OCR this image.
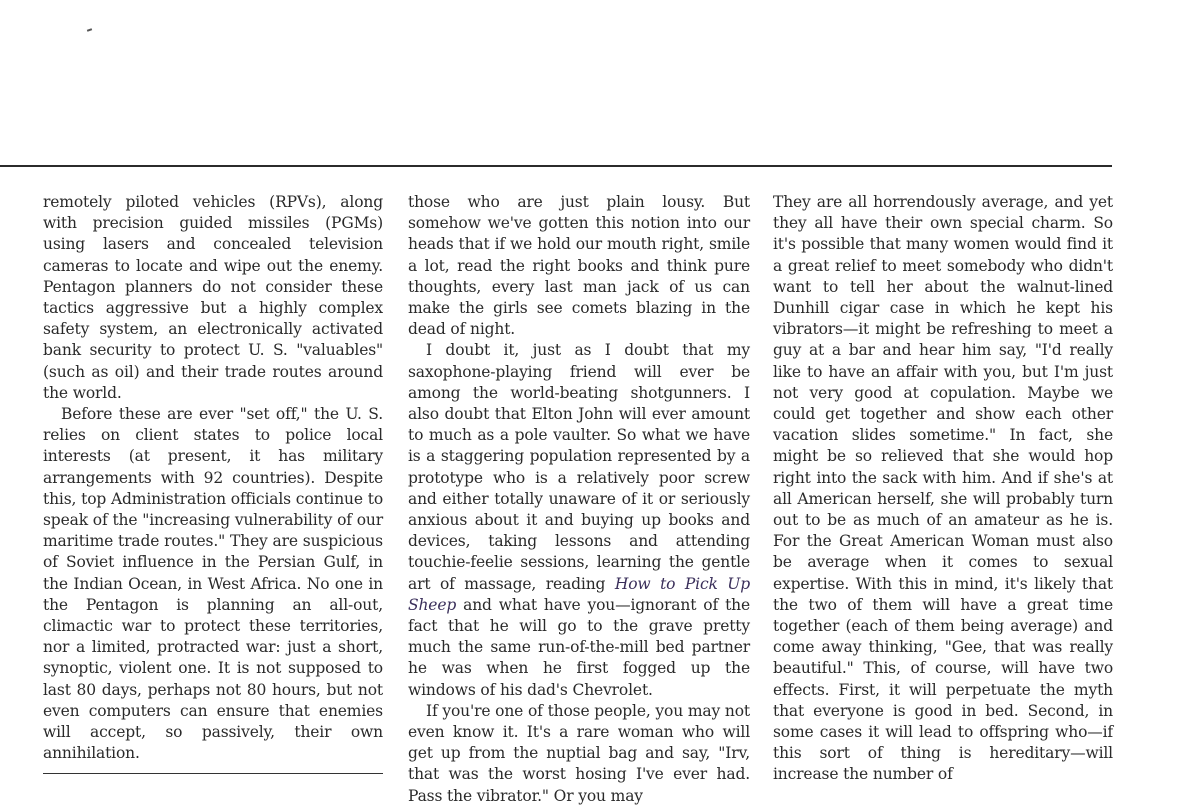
remotely piloted vehicles (RPVs), along with precision guided missiles (PGMs) using lasers and concealed television cameras to locate and wipe out the enemy. Pentagon planners do not consider these tactics aggressive but a highly complex safety system, an electronically activated bank security to protect U. S. "valuables" (such as oil) and their trade routes around the world.

Before these are ever "set off," the U. S. relies on client states to police local interests (at present, it has military arrangements with 92 countries). Despite this, top Administration officials continue to speak of the "increasing vulnerability of our maritime trade routes." They are suspicious of Soviet influence in the Persian Gulf, in the Indian Ocean, in West Africa. No one in the Pentagon is planning an all-out, climactic war to protect these territories, nor a limited, protracted war: just a short, synoptic, violent one. It is not supposed to last 80 days, perhaps not 80 hours, but not even computers can ensure that enemies will accept, so passively, their own annihilation.

those who are just plain lousy. But somehow we've gotten this notion into our heads that if we hold our mouth right, smile a lot, read the right books and think pure thoughts, every last man jack of us can make the girls see comets blazing in the dead of night.

I doubt it, just as I doubt that my saxophone-playing friend will ever be among the world-beating shotgunners. I also doubt that Elton John will ever amount to much as a pole vaulter. So what we have is a staggering population represented by a prototype who is a relatively poor screw and either totally unaware of it or seriously anxious about it and buying up books and devices, taking lessons and attending touchie-feelie sessions, learning the gentle art of massage, reading How to Pick Up Sheep and what have you—ignorant of the fact that he will go to the grave pretty much the same run-of-the-mill bed partner he was when he first fogged up the windows of his dad's Chevrolet.

If you're one of those people, you may not even know it. It's a rare woman who will get up from the nuptial bag and say, "Irv, that was the worst hosing I've ever had. Pass the vibrator." Or you may

They are all horrendously average, and yet they all have their own special charm. So it's possible that many women would find it a great relief to meet somebody who didn't want to tell her about the walnut-lined Dunhill cigar case in which he kept his vibrators—it might be refreshing to meet a guy at a bar and hear him say, "I'd really like to have an affair with you, but I'm just not very good at copulation. Maybe we could get together and show each other vacation slides sometime." In fact, she might be so relieved that she would hop right into the sack with him. And if she's at all American herself, she will probably turn out to be as much of an amateur as he is. For the Great American Woman must also be average when it comes to sexual expertise. With this in mind, it's likely that the two of them will have a great time together (each of them being average) and come away thinking, "Gee, that was really beautiful." This, of course, will have two effects. First, it will perpetuate the myth that everyone is good in bed. Second, in some cases it will lead to offspring who—if this sort of thing is hereditary—will increase the number of
